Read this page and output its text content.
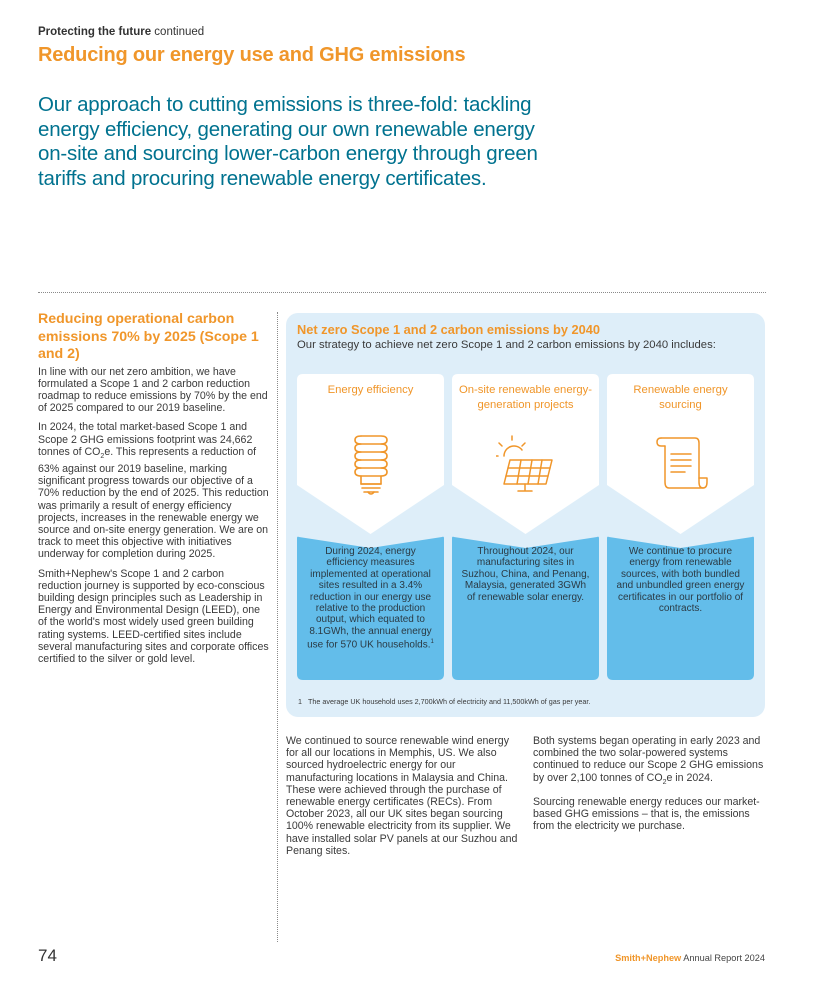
Protecting the future continued
Reducing our energy use and GHG emissions

Our approach to cutting emissions is three-fold: tackling energy efficiency, generating our own renewable energy on-site and sourcing lower-carbon energy through green tariffs and procuring renewable energy certificates.

Reducing operational carbon emissions 70% by 2025 (Scope 1 and 2)

In line with our net zero ambition, we have formulated a Scope 1 and 2 carbon reduction roadmap to reduce emissions by 70% by the end of 2025 compared to our 2019 baseline.

In 2024, the total market-based Scope 1 and Scope 2 GHG emissions footprint was 24,662 tonnes of $CO_2e$. This represents a reduction of 63% against our 2019 baseline, marking significant progress towards our objective of a 70% reduction by the end of 2025. This reduction was primarily a result of energy efficiency projects, increases in the renewable energy we source and on-site energy generation. We are on track to meet this objective with initiatives underway for completion during 2025.

Smith+Nephew's Scope 1 and 2 carbon reduction journey is supported by eco-conscious building design principles such as Leadership in Energy and Environmental Design (LEED), one of the world's most widely used green building rating systems. LEED-certified sites include several manufacturing sites and corporate offices certified to the silver or gold level.

Net zero Scope 1 and 2 carbon emissions by 2040
Our strategy to achieve net zero Scope 1 and 2 carbon emissions by 2040 includes:
Energy efficiency
During 2024, energy efficiency measures implemented at operational sites resulted in a 3.4% reduction in our energy use relative to the production output, which equated to 8.1GWh, the annual energy use for 570 UK households.$^1$
On-site renewable energy-generation projects
Throughout 2024, our manufacturing sites in Suzhou, China, and Penang, Malaysia, generated 3GWh of renewable solar energy.
Renewable energy sourcing
We continue to procure energy from renewable sources, with both bundled and unbundled green energy certificates in our portfolio of contracts.
1 The average UK household uses 2,700kWh of electricity and 11,500kWh of gas per year.

We continued to source renewable wind energy for all our locations in Memphis, US. We also sourced hydroelectric energy for our manufacturing locations in Malaysia and China. These were achieved through the purchase of renewable energy certificates (RECs). From October 2023, all our UK sites began sourcing 100% renewable electricity from its supplier. We have installed solar PV panels at our Suzhou and Penang sites.

Both systems began operating in early 2023 and combined the two solar-powered systems continued to reduce our Scope 2 GHG emissions by over 2,100 tonnes of $CO_2e$ in 2024.

Sourcing renewable energy reduces our market-based GHG emissions – that is, the emissions from the electricity we purchase.

74	Smith+Nephew Annual Report 2024
